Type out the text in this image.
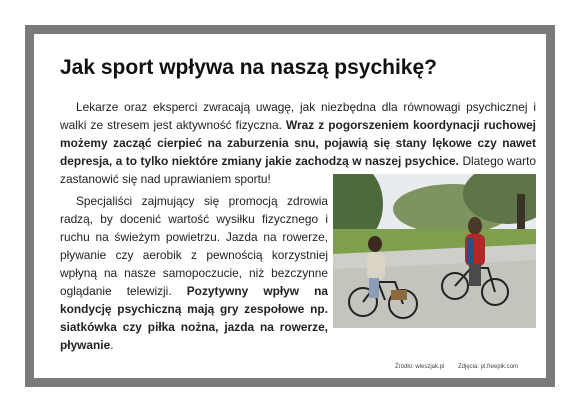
Jak sport wpływa na naszą psychikę?

Lekarze oraz eksperci zwracają uwagę, jak niezbędna dla równowagi psychicznej i walki ze stresem jest aktywność fizyczna. Wraz z pogorszeniem koordynacji ruchowej możemy zacząć cierpieć na zaburzenia snu, pojawią się stany lękowe czy nawet depresja, a to tylko niektóre zmiany jakie zachodzą w naszej psychice. Dlatego warto zastanowić się nad uprawianiem sportu!

Specjaliści zajmujący się promocją zdrowia radzą, by docenić wartość wysiłku fizycznego i ruchu na świeżym powietrzu. Jazda na rowerze, pływanie czy aerobik z pewnością korzystniej wpłyną na nasze samopoczucie, niż bezczynne oglądanie telewizji. Pozytywny wpływ na kondycję psychiczną mają gry zespołowe np. siatkówka czy piłka nożna, jazda na rowerze, pływanie.

Źródło: wieszjak.pl Zdjęcia: pl.freepik.com
